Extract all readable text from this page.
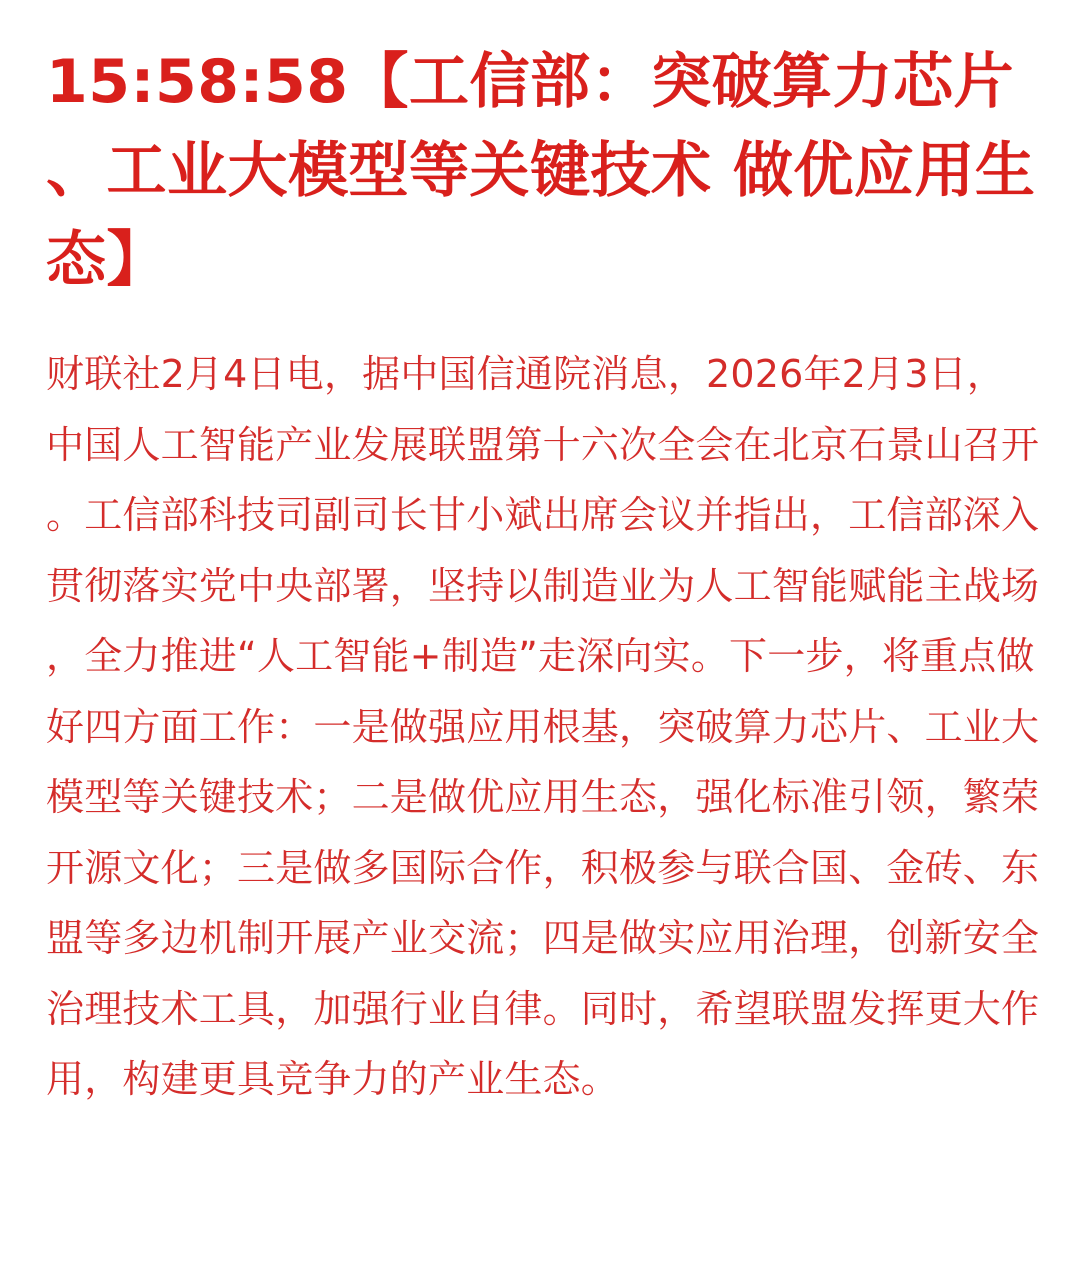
15:58:58【工信部：突破算力芯片、工业大模型等关键技术 做优应用生态】

财联社2月4日电，据中国信通院消息，2026年2月3日，中国人工智能产业发展联盟第十六次全会在北京石景山召开。工信部科技司副司长甘小斌出席会议并指出，工信部深入贯彻落实党中央部署，坚持以制造业为人工智能赋能主战场，全力推进“人工智能+制造”走深向实。下一步，将重点做好四方面工作：一是做强应用根基，突破算力芯片、工业大模型等关键技术；二是做优应用生态，强化标准引领，繁荣开源文化；三是做多国际合作，积极参与联合国、金砖、东盟等多边机制开展产业交流；四是做实应用治理，创新安全治理技术工具，加强行业自律。同时，希望联盟发挥更大作用，构建更具竞争力的产业生态。
